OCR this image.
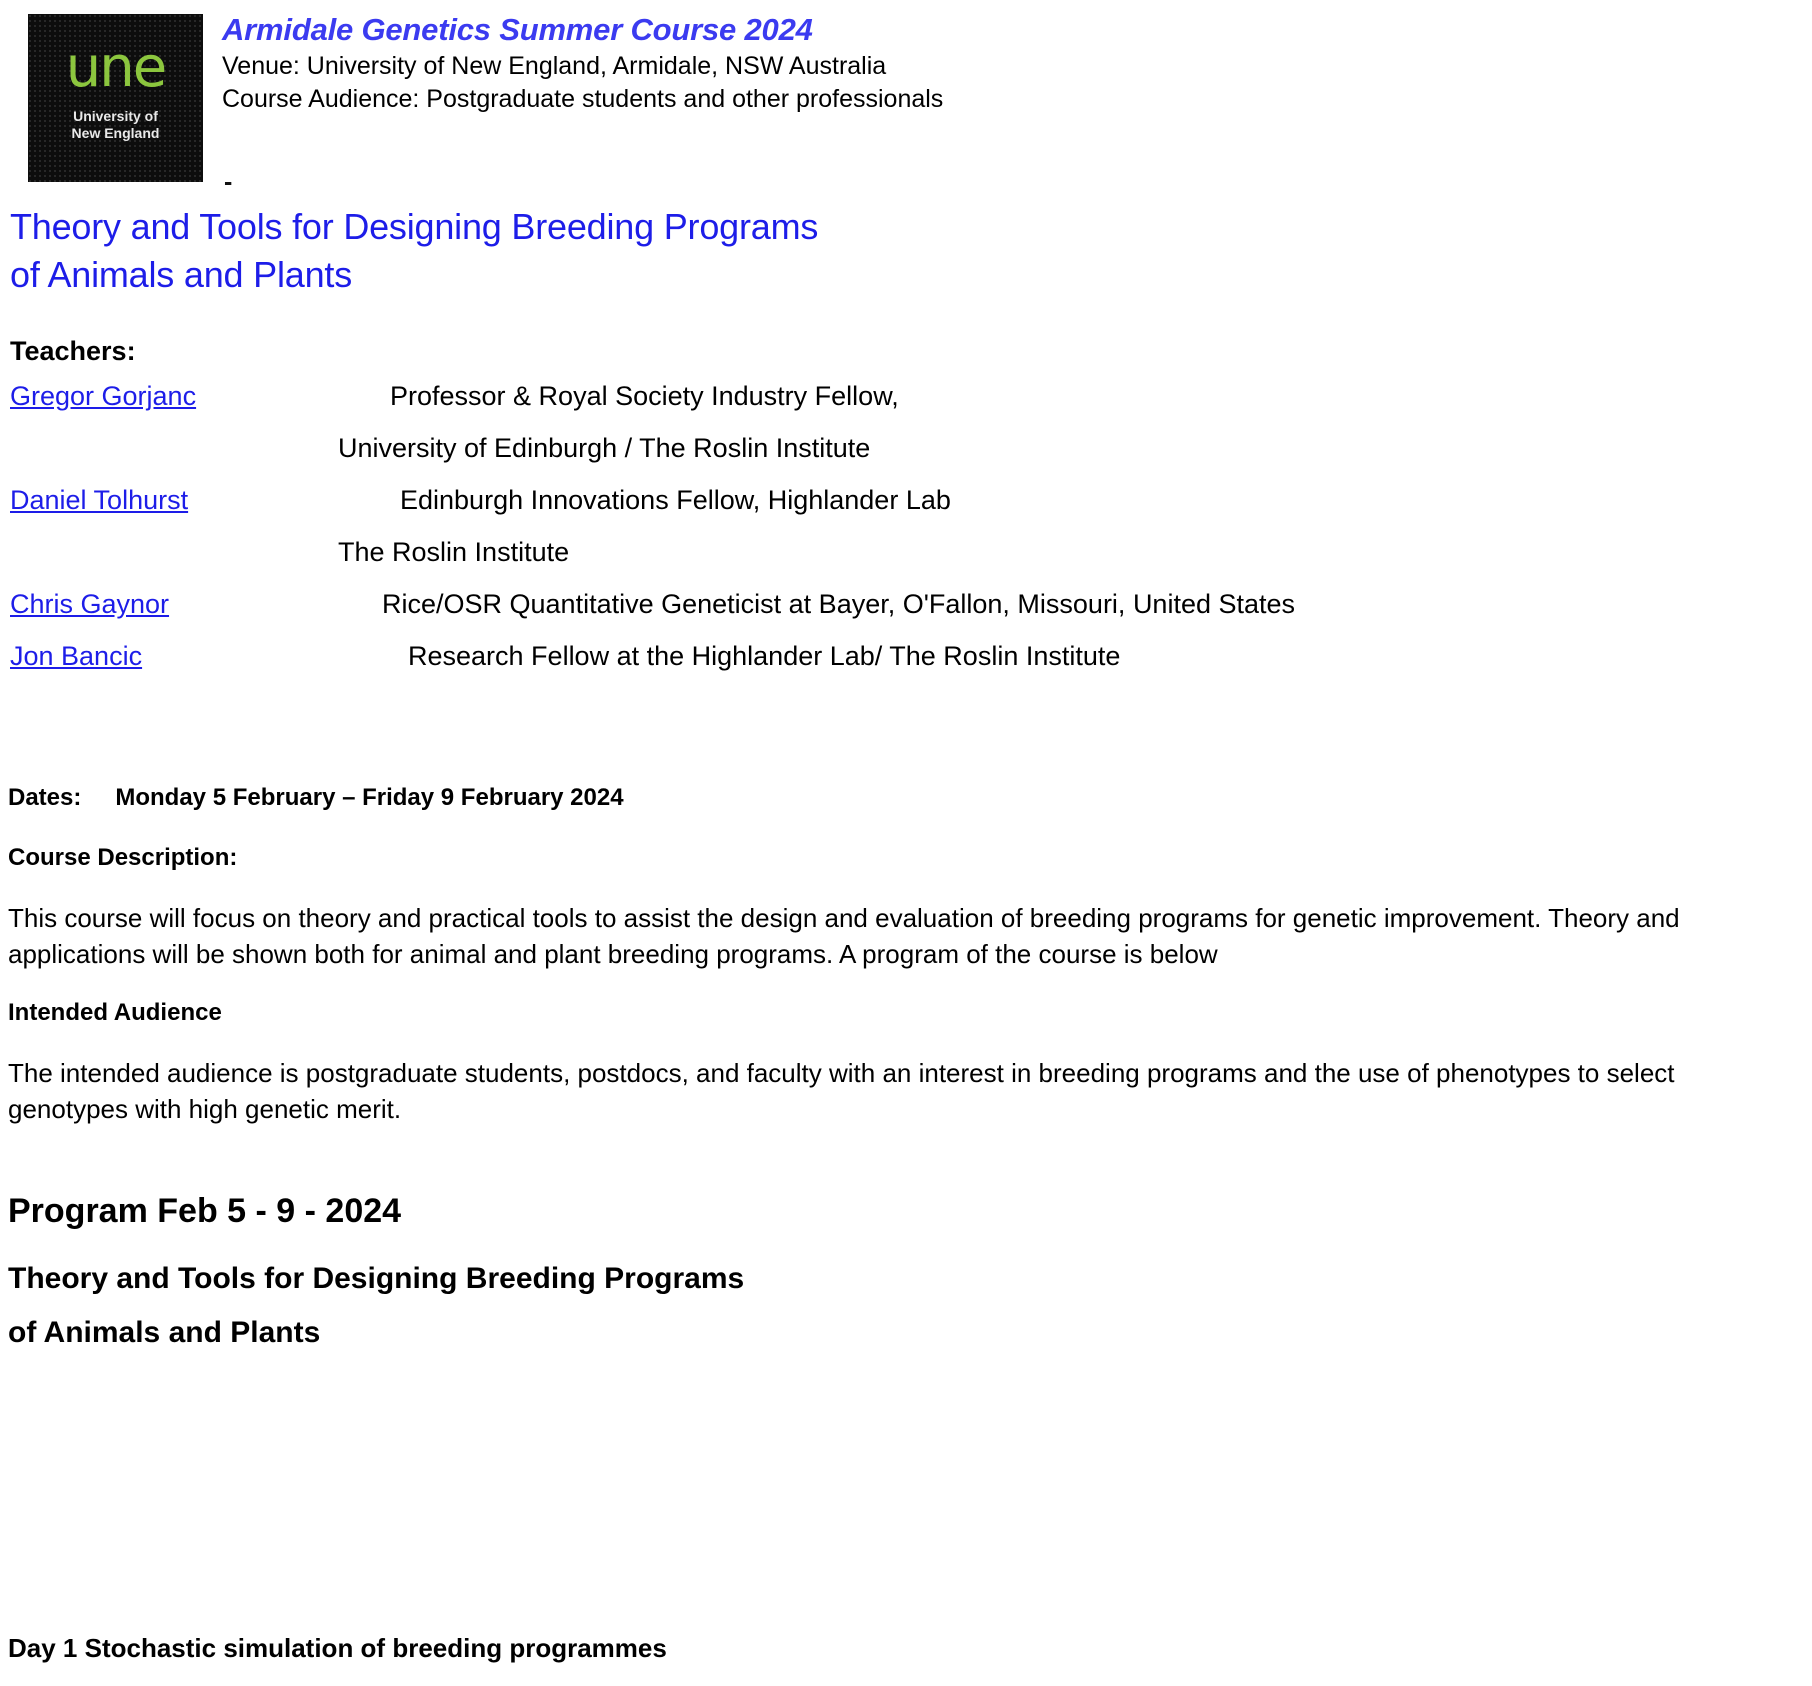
une
University of
New England
Armidale Genetics Summer Course 2024
Venue: University of New England, Armidale, NSW Australia
Course Audience: Postgraduate students and other professionals
-
Theory and Tools for Designing Breeding Programs
of Animals and Plants
Teachers:
Gregor Gorjanc	Professor & Royal Society Industry Fellow,
	University of Edinburgh / The Roslin Institute
Daniel Tolhurst	Edinburgh Innovations Fellow, Highlander Lab
	The Roslin Institute
Chris Gaynor	Rice/OSR Quantitative Geneticist at Bayer, O'Fallon, Missouri, United States
Jon Bancic	Research Fellow at the Highlander Lab/ The Roslin Institute
Dates: Monday 5 February – Friday 9 February 2024
Course Description:
This course will focus on theory and practical tools to assist the design and evaluation of breeding programs for genetic improvement. Theory and
applications will be shown both for animal and plant breeding programs. A program of the course is below
Intended Audience
The intended audience is postgraduate students, postdocs, and faculty with an interest in breeding programs and the use of phenotypes to select
genotypes with high genetic merit.
Program Feb 5 - 9 - 2024
Theory and Tools for Designing Breeding Programs
of Animals and Plants
Day 1 Stochastic simulation of breeding programmes
